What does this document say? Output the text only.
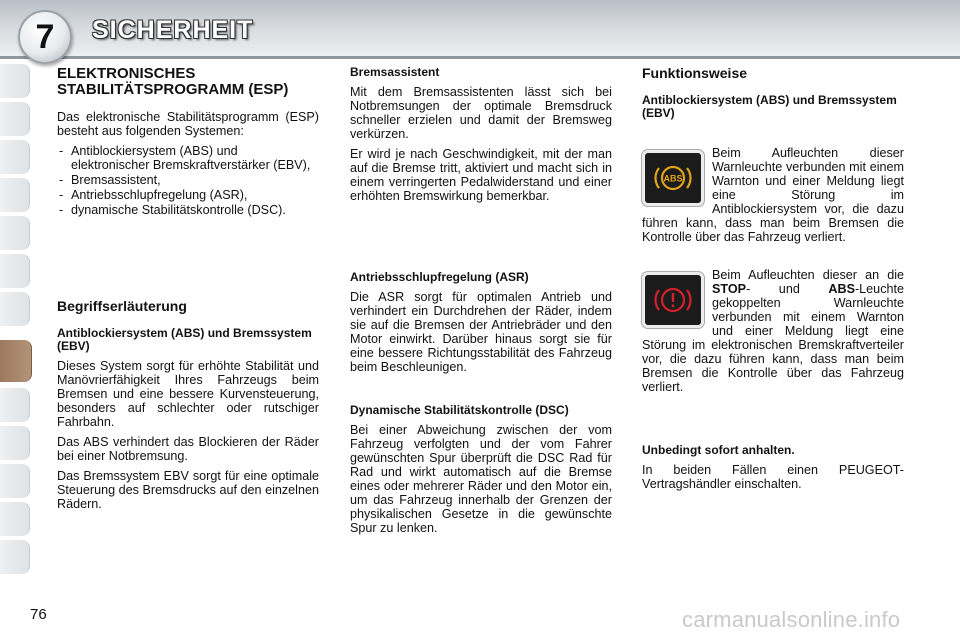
7	SICHERHEIT
ELEKTRONISCHES STABILITÄTSPROGRAMM (ESP)

Das elektronische Stabilitätsprogramm (ESP) besteht aus folgenden Systemen:

- Antiblockiersystem (ABS) und elektronischer Bremskraftverstärker (EBV),
- Bremsassistent,
- Antriebsschlupfregelung (ASR),
- dynamische Stabilitätskontrolle (DSC).
Begriffserläuterung
Antiblockiersystem (ABS) und Bremssystem (EBV)

Dieses System sorgt für erhöhte Stabilität und Manövrierfähigkeit Ihres Fahrzeugs beim Bremsen und eine bessere Kurvensteuerung, besonders auf schlechter oder rutschiger Fahrbahn.

Das ABS verhindert das Blockieren der Räder bei einer Notbremsung.

Das Bremssystem EBV sorgt für eine optimale Steuerung des Bremsdrucks auf den einzelnen Rädern.

Bremsassistent

Mit dem Bremsassistenten lässt sich bei Notbremsungen der optimale Bremsdruck schneller erzielen und damit der Bremsweg verkürzen.

Er wird je nach Geschwindigkeit, mit der man auf die Bremse tritt, aktiviert und macht sich in einem verringerten Pedalwiderstand und einer erhöhten Bremswirkung bemerkbar.

Antriebsschlupfregelung (ASR)

Die ASR sorgt für optimalen Antrieb und verhindert ein Durchdrehen der Räder, indem sie auf die Bremsen der Antriebräder und den Motor einwirkt. Darüber hinaus sorgt sie für eine bessere Richtungsstabilität des Fahrzeug beim Beschleunigen.

Dynamische Stabilitätskontrolle (DSC)

Bei einer Abweichung zwischen der vom Fahrzeug verfolgten und der vom Fahrer gewünschten Spur überprüft die DSC Rad für Rad und wirkt automatisch auf die Bremse eines oder mehrerer Räder und den Motor ein, um das Fahrzeug innerhalb der Grenzen der physikalischen Gesetze in die gewünschte Spur zu lenken.

Funktionsweise
Antiblockiersystem (ABS) und Bremssystem (EBV)

ABS
Beim Aufleuchten dieser Warnleuchte verbunden mit einem Warnton und einer Meldung liegt eine Störung im Antiblockiersystem vor, die dazu führen kann, dass man beim Bremsen die Kontrolle über das Fahrzeug verliert.

Beim Aufleuchten dieser an die STOP- und ABS-Leuchte gekoppelten Warnleuchte verbunden mit einem Warnton und einer Meldung liegt eine Störung im elektronischen Bremskraftverteiler vor, die dazu führen kann, dass man beim Bremsen die Kontrolle über das Fahrzeug verliert.

Unbedingt sofort anhalten.

In beiden Fällen einen PEUGEOT-Vertragshändler einschalten.

76	carmanualsonline.info
